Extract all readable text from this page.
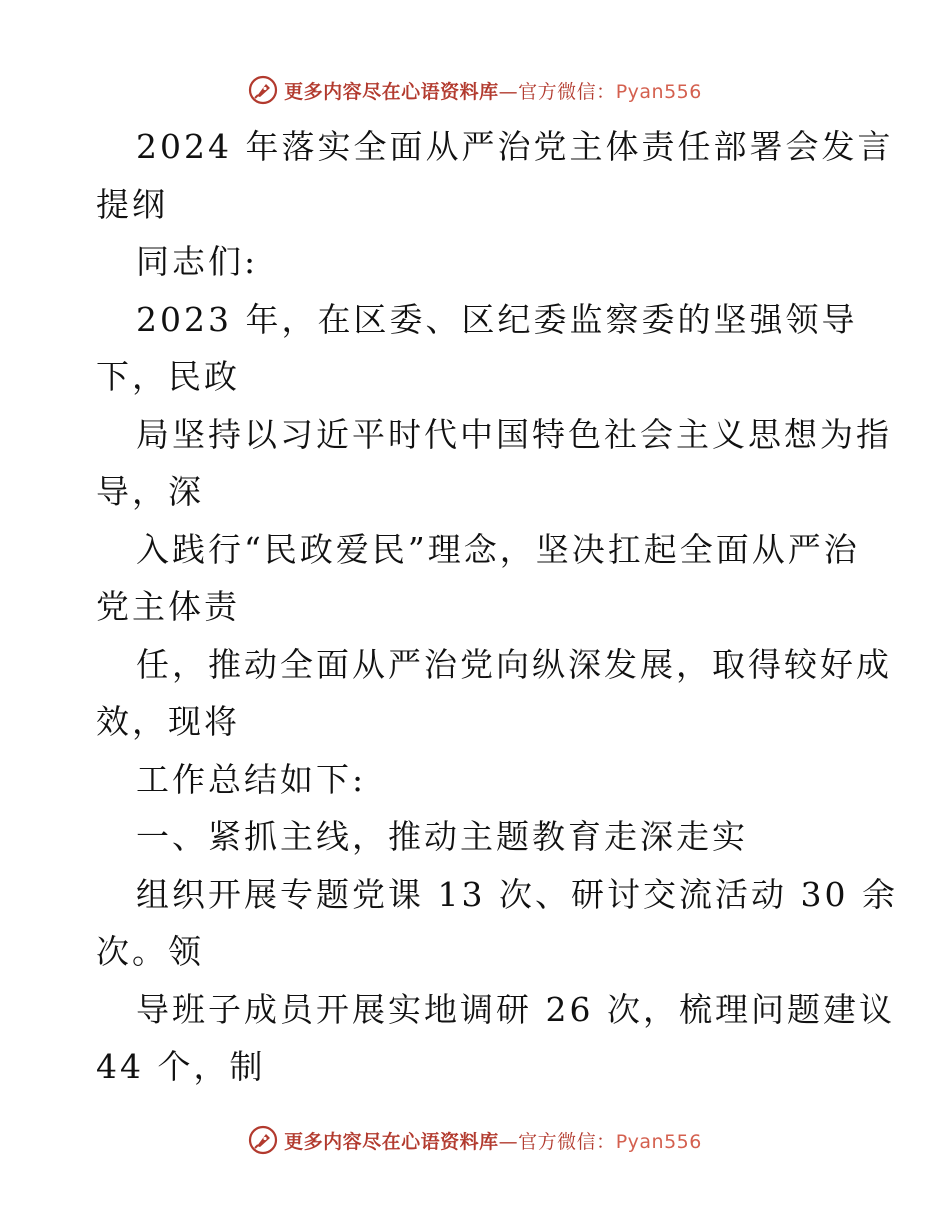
更多内容尽在心语资料库—官方微信：Pyan556
2024 年落实全面从严治党主体责任部署会发言
提纲
同志们:
2023 年，在区委、区纪委监察委的坚强领导
下，民政
局坚持以习近平时代中国特色社会主义思想为指
导，深
入践行“民政爱民”理念，坚决扛起全面从严治
党主体责
任，推动全面从严治党向纵深发展，取得较好成
效，现将
工作总结如下:
一、紧抓主线，推动主题教育走深走实
组织开展专题党课 13 次、研讨交流活动 30 余
次。领
导班子成员开展实地调研 26 次，梳理问题建议
44 个，制
更多内容尽在心语资料库—官方微信：Pyan556
